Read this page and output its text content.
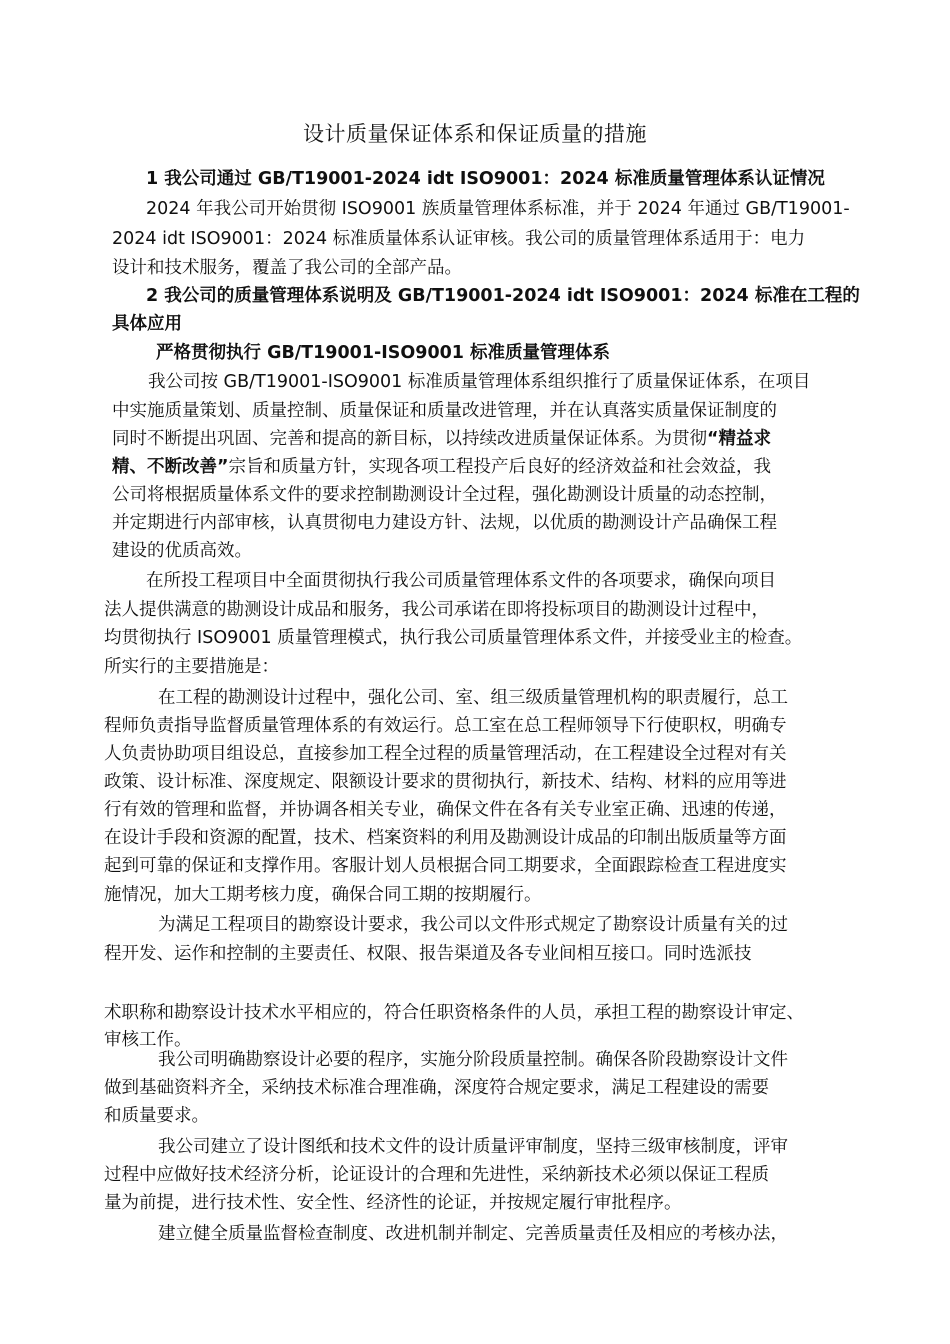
设计质量保证体系和保证质量的措施
1 我公司通过 GB/T19001-2024 idt ISO9001：2024 标准质量管理体系认证情况
2024 年我公司开始贯彻 ISO9001 族质量管理体系标准，并于 2024 年通过 GB/T19001-
2024 idt ISO9001：2024 标准质量体系认证审核。我公司的质量管理体系适用于：电力
设计和技术服务，覆盖了我公司的全部产品。
2 我公司的质量管理体系说明及 GB/T19001-2024 idt ISO9001：2024 标准在工程的
具体应用
严格贯彻执行 GB/T19001-ISO9001 标准质量管理体系
我公司按 GB/T19001-ISO9001 标准质量管理体系组织推行了质量保证体系，在项目
中实施质量策划、质量控制、质量保证和质量改进管理，并在认真落实质量保证制度的
同时不断提出巩固、完善和提高的新目标，以持续改进质量保证体系。为贯彻“精益求
精、不断改善”宗旨和质量方针，实现各项工程投产后良好的经济效益和社会效益，我
公司将根据质量体系文件的要求控制勘测设计全过程，强化勘测设计质量的动态控制，
并定期进行内部审核，认真贯彻电力建设方针、法规，以优质的勘测设计产品确保工程
建设的优质高效。
在所投工程项目中全面贯彻执行我公司质量管理体系文件的各项要求，确保向项目
法人提供满意的勘测设计成品和服务，我公司承诺在即将投标项目的勘测设计过程中，
均贯彻执行 ISO9001 质量管理模式，执行我公司质量管理体系文件，并接受业主的检查。
所实行的主要措施是：
在工程的勘测设计过程中，强化公司、室、组三级质量管理机构的职责履行，总工
程师负责指导监督质量管理体系的有效运行。总工室在总工程师领导下行使职权，明确专
人负责协助项目组设总，直接参加工程全过程的质量管理活动，在工程建设全过程对有关
政策、设计标准、深度规定、限额设计要求的贯彻执行，新技术、结构、材料的应用等进
行有效的管理和监督，并协调各相关专业，确保文件在各有关专业室正确、迅速的传递，
在设计手段和资源的配置，技术、档案资料的利用及勘测设计成品的印制出版质量等方面
起到可靠的保证和支撑作用。客服计划人员根据合同工期要求，全面跟踪检查工程进度实
施情况，加大工期考核力度，确保合同工期的按期履行。
为满足工程项目的勘察设计要求，我公司以文件形式规定了勘察设计质量有关的过
程开发、运作和控制的主要责任、权限、报告渠道及各专业间相互接口。同时选派技
术职称和勘察设计技术水平相应的，符合任职资格条件的人员，承担工程的勘察设计审定、
审核工作。
我公司明确勘察设计必要的程序，实施分阶段质量控制。确保各阶段勘察设计文件
做到基础资料齐全，采纳技术标准合理准确，深度符合规定要求，满足工程建设的需要
和质量要求。
我公司建立了设计图纸和技术文件的设计质量评审制度，坚持三级审核制度，评审
过程中应做好技术经济分析，论证设计的合理和先进性，采纳新技术必须以保证工程质
量为前提，进行技术性、安全性、经济性的论证，并按规定履行审批程序。
建立健全质量监督检查制度、改进机制并制定、完善质量责任及相应的考核办法，
